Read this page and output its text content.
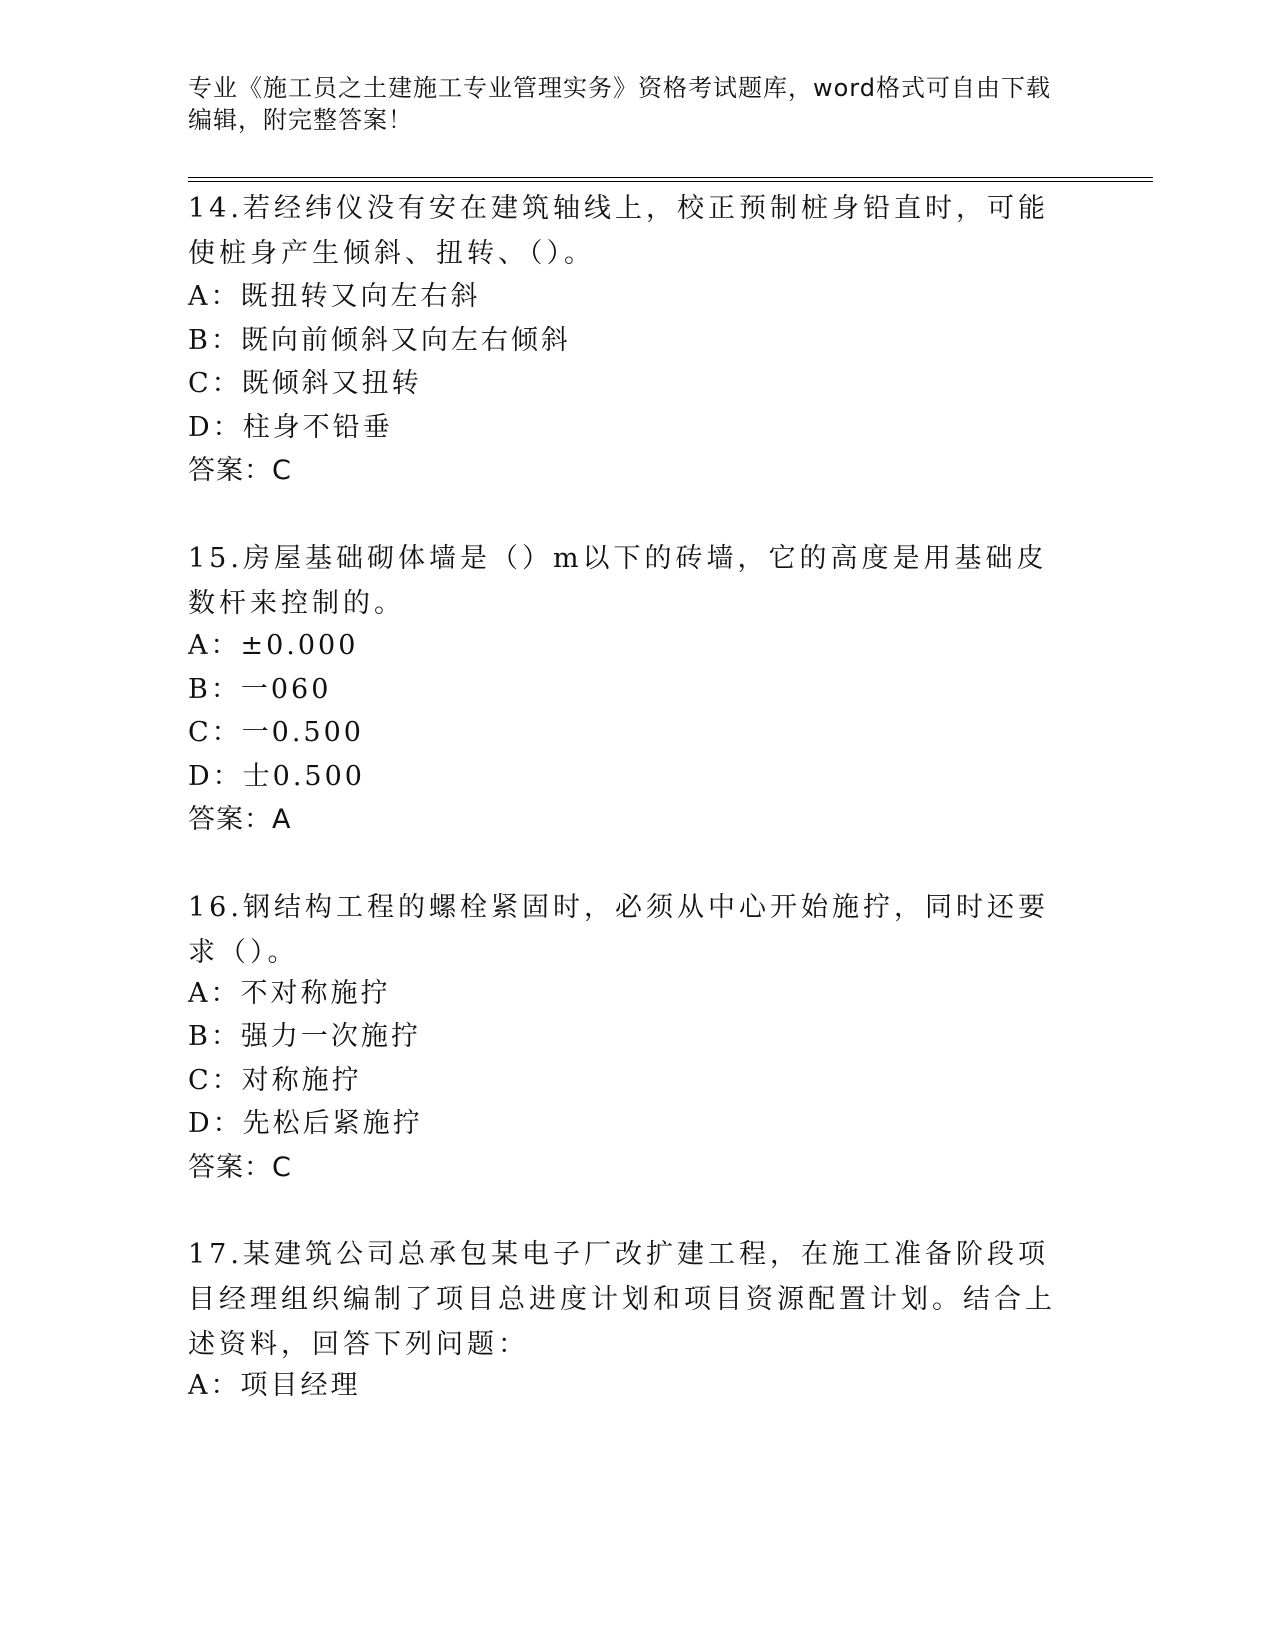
专业《施工员之土建施工专业管理实务》资格考试题库，word格式可自由下载编辑，附完整答案！
14.若经纬仪没有安在建筑轴线上，校正预制桩身铅直时，可能使桩身产生倾斜、扭转、（）。
A：既扭转又向左右斜
B：既向前倾斜又向左右倾斜
C：既倾斜又扭转
D：柱身不铅垂
答案：C
15.房屋基础砌体墙是（）m以下的砖墙，它的高度是用基础皮数杆来控制的。
A：±0.000
B：一060
C：一0.500
D：士0.500
答案：A
16.钢结构工程的螺栓紧固时，必须从中心开始施拧，同时还要求（）。
A：不对称施拧
B：强力一次施拧
C：对称施拧
D：先松后紧施拧
答案：C
17.某建筑公司总承包某电子厂改扩建工程，在施工准备阶段项目经理组织编制了项目总进度计划和项目资源配置计划。结合上述资料，回答下列问题：
A：项目经理
